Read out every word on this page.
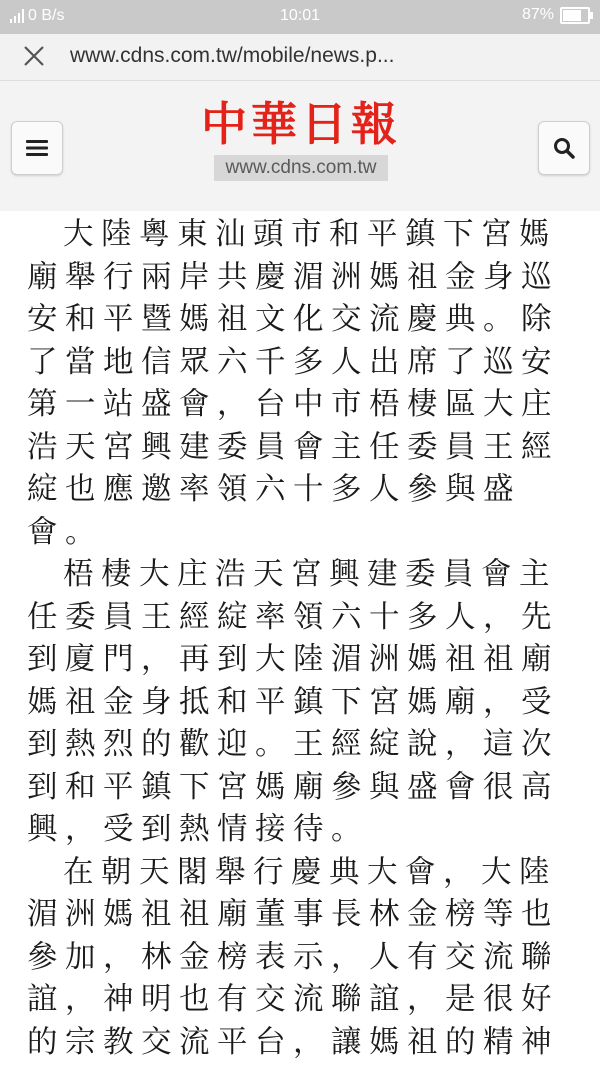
0 B/s	10:01	87%
www.cdns.com.tw/mobile/news.p...
中華日報
www.cdns.com.tw

大陸粵東汕頭市和平鎮下宮媽廟舉行兩岸共慶湄洲媽祖金身巡安和平暨媽祖文化交流慶典。除了當地信眾六千多人出席了巡安第一站盛會，台中市梧棲區大庄浩天宮興建委員會主任委員王經綻也應邀率領六十多人參與盛會。

梧棲大庄浩天宮興建委員會主任委員王經綻率領六十多人，先到廈門，再到大陸湄洲媽祖祖廟媽祖金身抵和平鎮下宮媽廟，受到熱烈的歡迎。王經綻說，這次到和平鎮下宮媽廟參與盛會很高興，受到熱情接待。

在朝天閣舉行慶典大會，大陸湄洲媽祖祖廟董事長林金榜等也參加，林金榜表示，人有交流聯誼，神明也有交流聯誼，是很好的宗教交流平台，讓媽祖的精神
